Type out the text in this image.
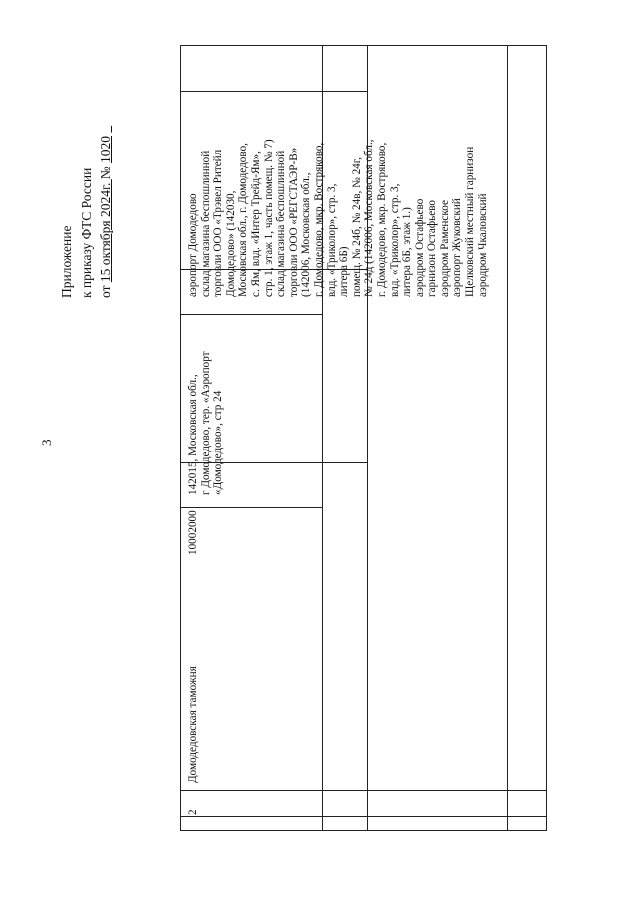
3
Приложение к приказу ФТС России от 15 октября 2024г. № 1020
2
Домодедовская таможня
10002000
142015, Московская обл., г Домодедово, тер. «Аэропорт «Домодедово», стр 24
аэропорт Домодедово склад магазина беспошлинной торговли ООО «Трэвел Ритейл Домодедово» (142030, Московская обл., г. Домодедово, с. Ям, влд. «Интер Трейд-Ям», стр. 1, этаж 1, часть помещ. № 7) склад магазина беспошлинной торговли ООО «РЕГСТАЭР-В» (142006, Московская обл., г. Домодедово, мкр. Востряково, влд. «Триколор», стр. 3, литера 6Б) помещ. № 24б, № 24в, № 24г, № 24д (142006, Московская обл., г. Домодедово, мкр. Востряково, влд. «Триколор», стр. 3, литера 6Б, этаж 1.) аэродром Остафьево гарнизон Остафьево аэродром Раменское аэропорт Жуковский Щелковский местный гарнизон аэродром Чкаловский
